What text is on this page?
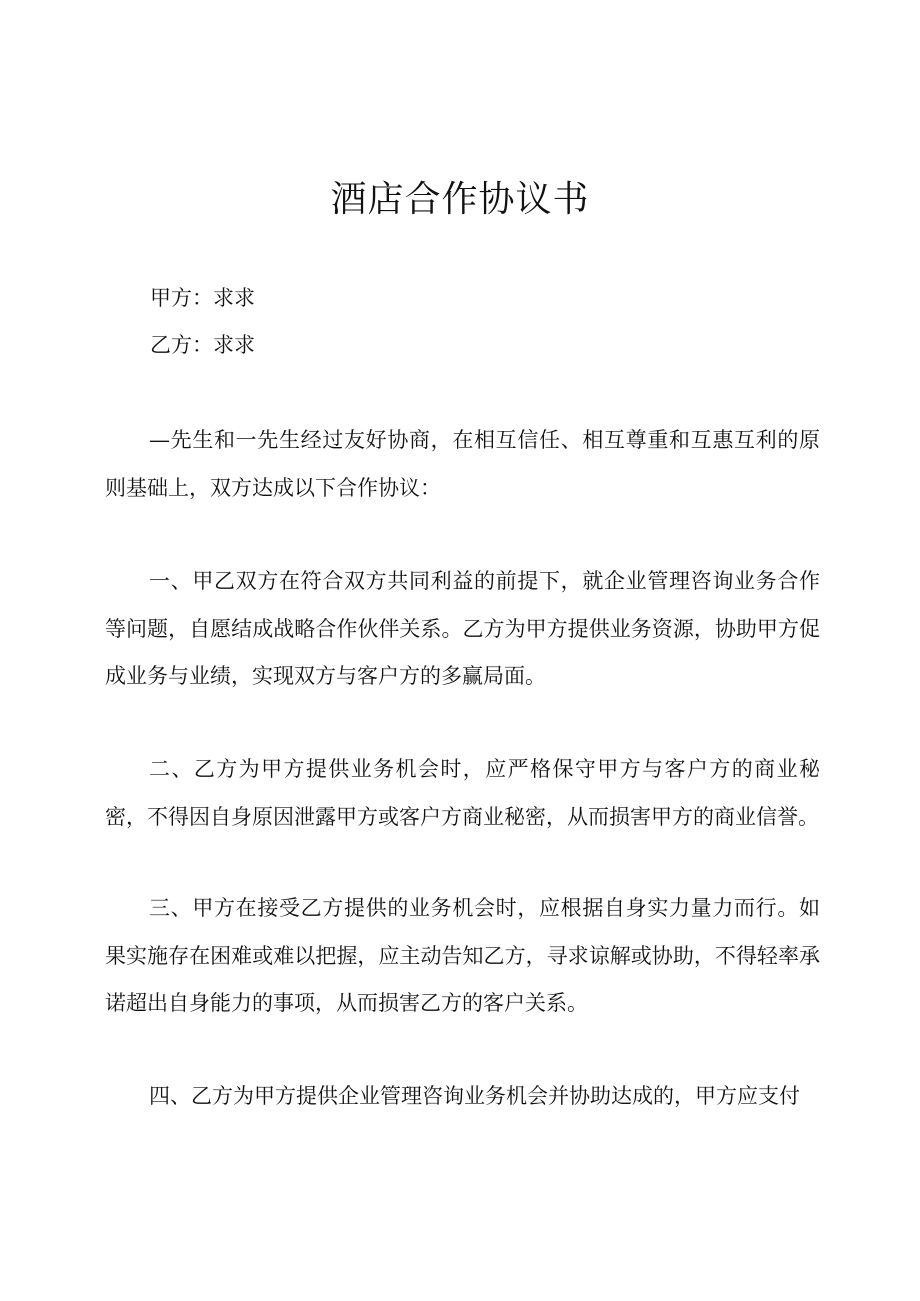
酒店合作协议书

甲方：求求

乙方：求求

—先生和一先生经过友好协商，在相互信任、相互尊重和互惠互利的原则基础上，双方达成以下合作协议：

一、甲乙双方在符合双方共同利益的前提下，就企业管理咨询业务合作等问题，自愿结成战略合作伙伴关系。乙方为甲方提供业务资源，协助甲方促成业务与业绩，实现双方与客户方的多赢局面。

二、乙方为甲方提供业务机会时，应严格保守甲方与客户方的商业秘密，不得因自身原因泄露甲方或客户方商业秘密，从而损害甲方的商业信誉。

三、甲方在接受乙方提供的业务机会时，应根据自身实力量力而行。如果实施存在困难或难以把握，应主动告知乙方，寻求谅解或协助，不得轻率承诺超出自身能力的事项，从而损害乙方的客户关系。

四、乙方为甲方提供企业管理咨询业务机会并协助达成的，甲方应支付
